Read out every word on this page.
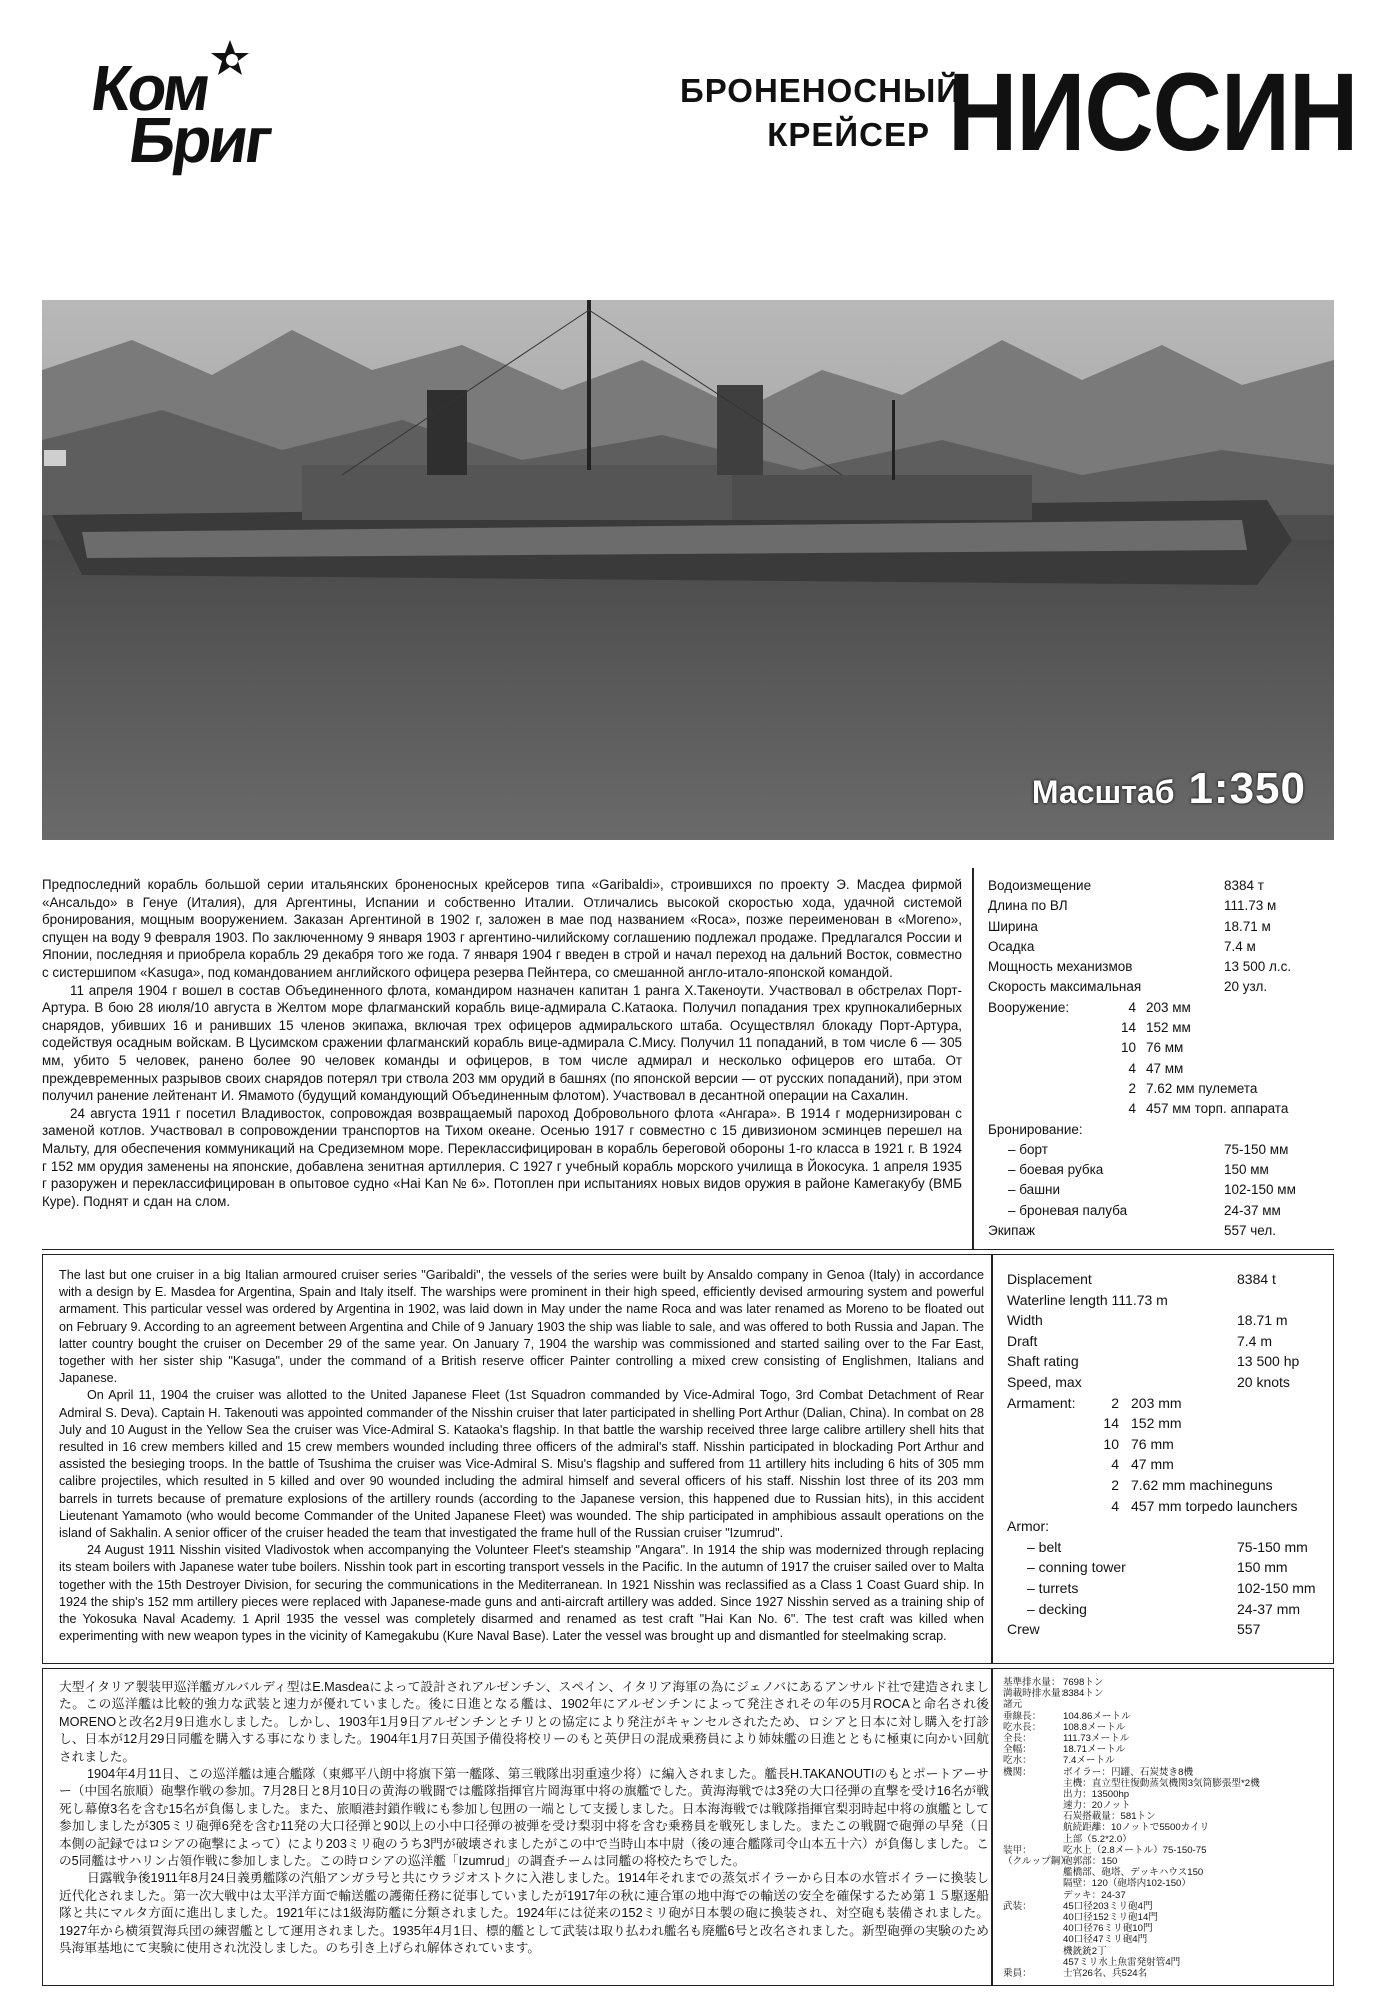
Ком
Бриг
БРОНЕНОСНЫЙ
КРЕЙСЕР НИССИН
Масштаб 1:350

Предпоследний корабль большой серии итальянских броненосных крейсеров типа «Garibaldi», строившихся по проекту Э. Масдеа фирмой «Ансальдо» в Генуе (Италия), для Аргентины, Испании и собственно Италии. Отличались высокой скоростью хода, удачной системой бронирования, мощным вооружением. Заказан Аргентиной в 1902 г, заложен в мае под названием «Roca», позже переименован в «Moreno», спущен на воду 9 февраля 1903. По заключенному 9 января 1903 г аргентино-чилийскому соглашению подлежал продаже. Предлагался России и Японии, последняя и приобрела корабль 29 декабря того же года. 7 января 1904 г введен в строй и начал переход на дальний Восток, совместно с систершипом «Kasuga», под командованием английского офицера резерва Пейнтера, со смешанной англо-итало-японской командой.

11 апреля 1904 г вошел в состав Объединенного флота, командиром назначен капитан 1 ранга Х.Такеноути. Участвовал в обстрелах Порт-Артура. В бою 28 июля/10 августа в Желтом море флагманский корабль вице-адмирала С.Катаока. Получил попадания трех крупнокалиберных снарядов, убивших 16 и ранивших 15 членов экипажа, включая трех офицеров адмиральского штаба. Осуществлял блокаду Порт-Артура, содействуя осадным войскам. В Цусимском сражении флагманский корабль вице-адмирала С.Мису. Получил 11 попаданий, в том числе 6 — 305 мм, убито 5 человек, ранено более 90 человек команды и офицеров, в том числе адмирал и несколько офицеров его штаба. От преждевременных разрывов своих снарядов потерял три ствола 203 мм орудий в башнях (по японской версии — от русских попаданий), при этом получил ранение лейтенант И. Ямамото (будущий командующий Объединенным флотом). Участвовал в десантной операции на Сахалин.

24 августа 1911 г посетил Владивосток, сопровождая возвращаемый пароход Добровольного флота «Ангара». В 1914 г модернизирован с заменой котлов. Участвовал в сопровождении транспортов на Тихом океане. Осенью 1917 г совместно с 15 дивизионом эсминцев перешел на Мальту, для обеспечения коммуникаций на Средиземном море. Переклассифицирован в корабль береговой обороны 1-го класса в 1921 г. В 1924 г 152 мм орудия заменены на японские, добавлена зенитная артиллерия. С 1927 г учебный корабль морского училища в Йокосука. 1 апреля 1935 г разоружен и переклассифицирован в опытовое судно «Hai Kan № 6». Потоплен при испытаниях новых видов оружия в районе Камегакубу (ВМБ Куре). Поднят и сдан на слом.

Водоизмещение	8384 т
Длина по ВЛ	111.73 м
Ширина	18.71 м
Осадка	7.4 м
Мощность механизмов	13 500 л.с.
Скорость максимальная	20 узл.
Вооружение:	4 203 мм
14 152 мм
10 76 мм
4 47 мм
2 7.62 мм пулемета
4 457 мм торп. аппарата
Бронирование:
– борт	75-150 мм
– боевая рубка	150 мм
– башни	102-150 мм
– броневая палуба	24-37 мм
Экипаж	557 чел.

The last but one cruiser in a big Italian armoured cruiser series "Garibaldi", the vessels of the series were built by Ansaldo company in Genoa (Italy) in accordance with a design by E. Masdea for Argentina, Spain and Italy itself. The warships were prominent in their high speed, efficiently devised armouring system and powerful armament. This particular vessel was ordered by Argentina in 1902, was laid down in May under the name Roca and was later renamed as Moreno to be floated out on February 9. According to an agreement between Argentina and Chile of 9 January 1903 the ship was liable to sale, and was offered to both Russia and Japan. The latter country bought the cruiser on December 29 of the same year. On January 7, 1904 the warship was commissioned and started sailing over to the Far East, together with her sister ship "Kasuga", under the command of a British reserve officer Painter controlling a mixed crew consisting of Englishmen, Italians and Japanese.

On April 11, 1904 the cruiser was allotted to the United Japanese Fleet (1st Squadron commanded by Vice-Admiral Togo, 3rd Combat Detachment of Rear Admiral S. Deva). Captain H. Takenouti was appointed commander of the Nisshin cruiser that later participated in shelling Port Arthur (Dalian, China). In combat on 28 July and 10 August in the Yellow Sea the cruiser was Vice-Admiral S. Kataoka's flagship. In that battle the warship received three large calibre artillery shell hits that resulted in 16 crew members killed and 15 crew members wounded including three officers of the admiral's staff. Nisshin participated in blockading Port Arthur and assisted the besieging troops. In the battle of Tsushima the cruiser was Vice-Admiral S. Misu's flagship and suffered from 11 artillery hits including 6 hits of 305 mm calibre projectiles, which resulted in 5 killed and over 90 wounded including the admiral himself and several officers of his staff. Nisshin lost three of its 203 mm barrels in turrets because of premature explosions of the artillery rounds (according to the Japanese version, this happened due to Russian hits), in this accident Lieutenant Yamamoto (who would become Commander of the United Japanese Fleet) was wounded. The ship participated in amphibious assault operations on the island of Sakhalin. A senior officer of the cruiser headed the team that investigated the frame hull of the Russian cruiser "Izumrud".

24 August 1911 Nisshin visited Vladivostok when accompanying the Volunteer Fleet's steamship "Angara". In 1914 the ship was modernized through replacing its steam boilers with Japanese water tube boilers. Nisshin took part in escorting transport vessels in the Pacific. In the autumn of 1917 the cruiser sailed over to Malta together with the 15th Destroyer Division, for securing the communications in the Mediterranean. In 1921 Nisshin was reclassified as a Class 1 Coast Guard ship. In 1924 the ship's 152 mm artillery pieces were replaced with Japanese-made guns and anti-aircraft artillery was added. Since 1927 Nisshin served as a training ship of the Yokosuka Naval Academy. 1 April 1935 the vessel was completely disarmed and renamed as test craft "Hai Kan No. 6". The test craft was killed when experimenting with new weapon types in the vicinity of Kamegakubu (Kure Naval Base). Later the vessel was brought up and dismantled for steelmaking scrap.

Displacement	8384 t
Waterline length 111.73 m
Width	18.71 m
Draft	7.4 m
Shaft rating	13 500 hp
Speed, max	20 knots
Armament:	2 203 mm
14 152 mm
10 76 mm
4 47 mm
2 7.62 mm machineguns
4 457 mm torpedo launchers
Armor:
– belt	75-150 mm
– conning tower	150 mm
– turrets	102-150 mm
– decking	24-37 mm
Crew	557

大型イタリア製装甲巡洋艦ガルバルディ型はE.Masdeaによって設計されアルゼンチン、スペイン、イタリア海軍の為にジェノバにあるアンサルド社で建造されました。この巡洋艦は比較的強力な武装と速力が優れていました。後に日進となる艦は、1902年にアルゼンチンによって発注されその年の5月ROCAと命名され後MORENOと改名2月9日進水しました。しかし、1903年1月9日アルゼンチンとチリとの協定により発注がキャンセルされたため、ロシアと日本に対し購入を打診し、日本が12月29日同艦を購入する事になりました。1904年1月7日英国予備役将校リーのもと英伊日の混成乗務員により姉妹艦の日進とともに極東に向かい回航されました。

1904年4月11日、この巡洋艦は連合艦隊（東郷平八朗中将旗下第一艦隊、第三戦隊出羽重遠少将）に編入されました。艦長H.TAKANOUTIのもとポートアーサー（中国名旅順）砲撃作戦の参加。7月28日と8月10日の黄海の戦闘では艦隊指揮官片岡海軍中将の旗艦でした。黄海海戦では3発の大口径弾の直撃を受け16名が戦死し幕僚3名を含む15名が負傷しました。また、旅順港封鎖作戦にも参加し包囲の一端として支援しました。日本海海戦では戦隊指揮官梨羽時起中将の旗艦として参加しましたが305ミリ砲弾6発を含む11発の大口径弾と90以上の小中口径弾の被弾を受け梨羽中将を含む乗務員を戦死しました。またこの戦闘で砲弾の早発（日本側の記録ではロシアの砲撃によって）により203ミリ砲のうち3門が破壊されましたがこの中で当時山本中尉（後の連合艦隊司令山本五十六）が負傷しました。この5同艦はサハリン占領作戦に参加しました。この時ロシアの巡洋艦「Izumrud」の調査チームは同艦の将校たちでした。

日露戦争後1911年8月24日義勇艦隊の汽船アンガラ号と共にウラジオストクに入港しました。1914年それまでの蒸気ボイラーから日本の水管ボイラーに換装し近代化されました。第一次大戦中は太平洋方面で輸送艦の護衛任務に従事していましたが1917年の秋に連合軍の地中海での輸送の安全を確保するため第１５駆逐船隊と共にマルタ方面に進出しました。1921年には1級海防艦に分類されました。1924年には従来の152ミリ砲が日本製の砲に換装され、対空砲も装備されました。1927年から横須賀海兵団の練習艦として運用されました。1935年4月1日、標的艦として武装は取り払われ艦名も廃艦6号と改名されました。新型砲弾の実験のため呉海軍基地にて実験に使用され沈没しました。のち引き上げられ解体されています。

基準排水量： 7698トン
満載時排水量：
8384トン
諸元
垂線長： 104.86メートル
吃水長： 108.8メートル
全長：	111.73メートル
全幅：	18.71メートル
吃水：	7.4メートル
機関：	ボイラー：円罐、石炭焚き8機
主機：直立型往復動蒸気機関3気筒膨張型*2機
出力：13500hp
速力：20ノット
石炭搭載量：581トン
航続距離：10ノットで5500カイリ
上部（5.2*2.0）
装甲：	吃水上（2.8メートル）75-150-75
（クルップ鋼）
砲郭部：150
艦橋部、砲塔、デッキハウス150
隔壁：120（砲塔内102-150）
デッキ：24-37
武装：	45口径203ミリ砲4門
40口径152ミリ砲14門
40口径76ミリ砲10門
40口径47ミリ砲4門
機銃銃2丁
457ミリ水上魚雷発射管4門
乗員：	士官26名、兵524名
